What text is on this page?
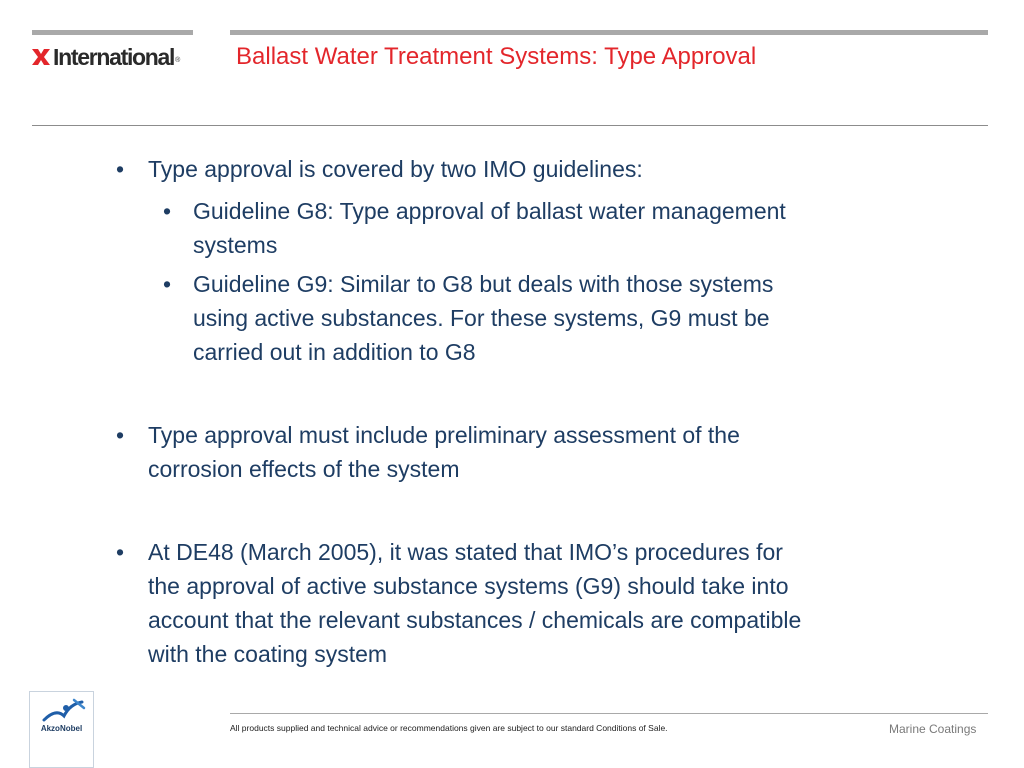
International ® Ballast Water Treatment Systems: Type Approval
• Type approval is covered by two IMO guidelines:
• Guideline G8: Type approval of ballast water management
systems
• Guideline G9: Similar to G8 but deals with those systems
using active substances. For these systems, G9 must be
carried out in addition to G8
• Type approval must include preliminary assessment of the
corrosion effects of the system
• At DE48 (March 2005), it was stated that IMO’s procedures for
the approval of active substance systems (G9) should take into
account that the relevant substances / chemicals are compatible
with the coating system
AkzoNobel	All products supplied and technical advice or recommendations given are subject to our standard Conditions of Sale.	Marine Coatings
